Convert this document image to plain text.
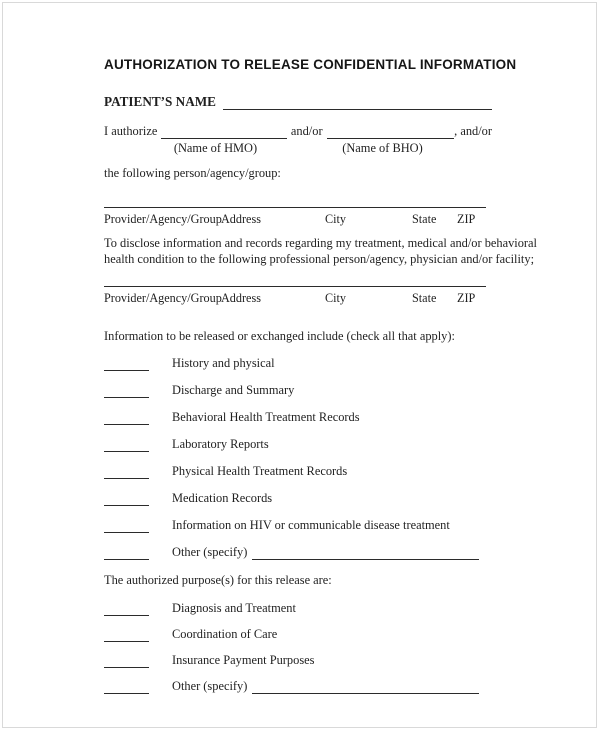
AUTHORIZATION TO RELEASE CONFIDENTIAL INFORMATION
PATIENT’S NAME
I authorize	and/or	, and/or
(Name of HMO)	(Name of BHO)
the following person/agency/group:
Provider/Agency/Group Address	City	State ZIP
To disclose information and records regarding my treatment, medical and/or behavioral
health condition to the following professional person/agency, physician and/or facility;
Provider/Agency/Group Address	City	State ZIP
Information to be released or exchanged include (check all that apply):
History and physical
Discharge and Summary
Behavioral Health Treatment Records
Laboratory Reports
Physical Health Treatment Records
Medication Records
Information on HIV or communicable disease treatment
Other (specify)
The authorized purpose(s) for this release are:
Diagnosis and Treatment
Coordination of Care
Insurance Payment Purposes
Other (specify)
